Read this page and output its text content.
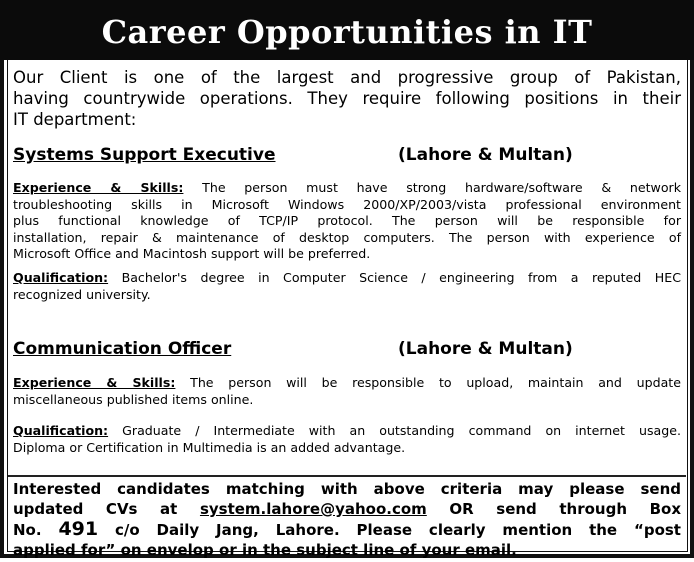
Career Opportunities in IT
Our Client is one of the largest and progressive group of Pakistan,
having countrywide operations. They require following positions in their
IT department:
Systems Support Executive	(Lahore & Multan)
Experience & Skills: The person must have strong hardware/software & network
troubleshooting skills in Microsoft Windows 2000/XP/2003/vista professional environment
plus functional knowledge of TCP/IP protocol. The person will be responsible for
installation, repair & maintenance of desktop computers. The person with experience of
Microsoft Office and Macintosh support will be preferred.
Qualification: Bachelor's degree in Computer Science / engineering from a reputed HEC
recognized university.
Communication Officer	(Lahore & Multan)
Experience & Skills: The person will be responsible to upload, maintain and update
miscellaneous published items online.
Qualification: Graduate / Intermediate with an outstanding command on internet usage.
Diploma or Certification in Multimedia is an added advantage.
Interested candidates matching with above criteria may please send
updated CVs at system.lahore@yahoo.com OR send through Box
No. 491 c/o Daily Jang, Lahore. Please clearly mention the “post
applied for” on envelop or in the subject line of your email.
